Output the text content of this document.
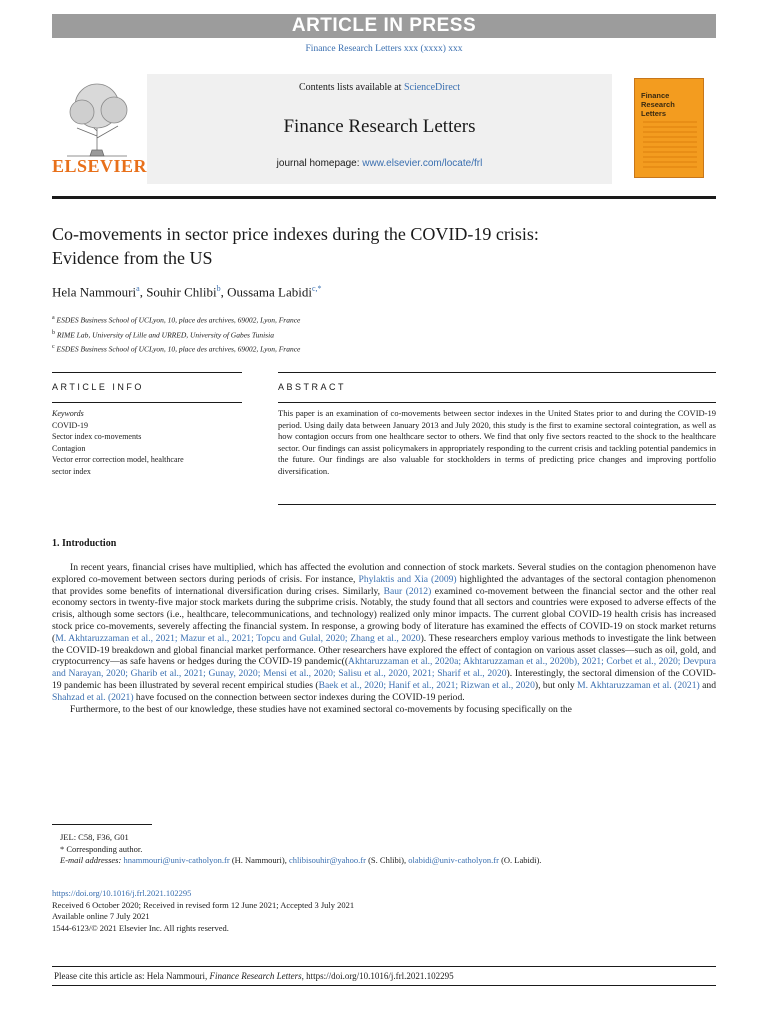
ARTICLE IN PRESS
Finance Research Letters xxx (xxxx) xxx
ELSEVIER
Contents lists available at ScienceDirect
Finance Research Letters
journal homepage: www.elsevier.com/locate/frl
Finance Research Letters
Co-movements in sector price indexes during the COVID-19 crisis:
Evidence from the US
Hela Nammouri$^a$, Souhir Chlibi$^b$, Oussama Labidi$^{c,*}$
$^a$ ESDES Business School of UCLyon, 10, place des archives, 69002, Lyon, France
$^b$ RIME Lab, University of Lille and URRED, University of Gabes Tunisia
$^c$ ESDES Business School of UCLyon, 10, place des archives, 69002, Lyon, France
ARTICLE INFO	ABSTRACT
Keywords
COVID-19
Sector index co-movements
Contagion
Vector error correction model, healthcare
sector index
This paper is an examination of co-movements between sector indexes in the United States prior to and during the COVID-19 period. Using daily data between January 2013 and July 2020, this study is the first to examine sectoral cointegration, as well as how contagion occurs from one healthcare sector to others. We find that only five sectors reacted to the shock to the healthcare sector. Our findings can assist policymakers in appropriately responding to the current crisis and tackling potential pandemics in the future. Our findings are also valuable for stockholders in terms of predicting price changes and improving portfolio diversification.
1. Introduction

In recent years, financial crises have multiplied, which has affected the evolution and connection of stock markets. Several studies on the contagion phenomenon have explored co-movement between sectors during periods of crisis. For instance, Phylaktis and Xia (2009) highlighted the advantages of the sectoral contagion phenomenon that provides some benefits of international diversification during crises. Similarly, Baur (2012) examined co-movement between the financial sector and the other real economy sectors in twenty-five major stock markets during the subprime crisis. Notably, the study found that all sectors and countries were exposed to adverse effects of the crisis, although some sectors (i.e., healthcare, telecommunications, and technology) realized only minor impacts. The current global COVID-19 health crisis has increased stock price co-movements, severely affecting the financial system. In response, a growing body of literature has examined the effects of COVID-19 on stock market returns (M. Akhtaruzzaman et al., 2021; Mazur et al., 2021; Topcu and Gulal, 2020; Zhang et al., 2020). These researchers employ various methods to investigate the link between the COVID-19 breakdown and global financial market performance. Other researchers have explored the effect of contagion on various asset classes—such as oil, gold, and cryptocurrency—as safe havens or hedges during the COVID-19 pandemic((Akhtaruzzaman et al., 2020a; Akhtaruzzaman et al., 2020b), 2021; Corbet et al., 2020; Devpura and Narayan, 2020; Gharib et al., 2021; Gunay, 2020; Mensi et al., 2020; Salisu et al., 2020, 2021; Sharif et al., 2020). Interestingly, the sectoral dimension of the COVID-19 pandemic has been illustrated by several recent empirical studies (Baek et al., 2020; Hanif et al., 2021; Rizwan et al., 2020), but only M. Akhtaruzzaman et al. (2021) and Shahzad et al. (2021) have focused on the connection between sector indexes during the COVID-19 period.

Furthermore, to the best of our knowledge, these studies have not examined sectoral co-movements by focusing specifically on the

JEL: C58, F36, G01
* Corresponding author.
E-mail addresses: hnammouri@univ-catholyon.fr (H. Nammouri), chlibisouhir@yahoo.fr (S. Chlibi), olabidi@univ-catholyon.fr (O. Labidi).
https://doi.org/10.1016/j.frl.2021.102295
Received 6 October 2020; Received in revised form 12 June 2021; Accepted 3 July 2021
Available online 7 July 2021
1544-6123/© 2021 Elsevier Inc. All rights reserved.
Please cite this article as: Hela Nammouri, Finance Research Letters, https://doi.org/10.1016/j.frl.2021.102295
